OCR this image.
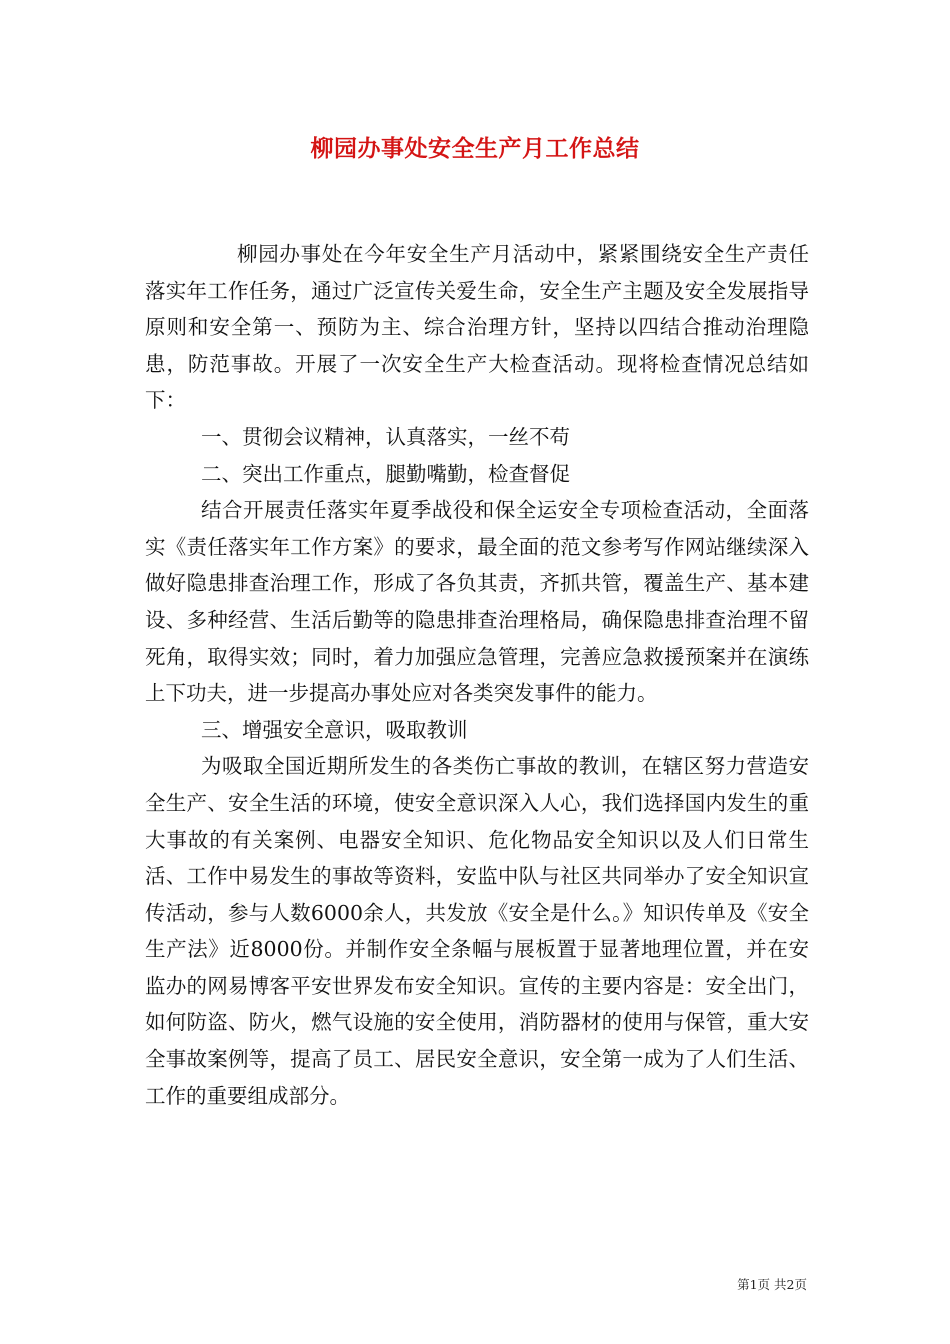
柳园办事处安全生产月工作总结

柳园办事处在今年安全生产月活动中，紧紧围绕安全生产责任落实年工作任务，通过广泛宣传关爱生命，安全生产主题及安全发展指导原则和安全第一、预防为主、综合治理方针，坚持以四结合推动治理隐患，防范事故。开展了一次安全生产大检查活动。现将检查情况总结如下：

一、贯彻会议精神，认真落实，一丝不苟

二、突出工作重点，腿勤嘴勤，检查督促

结合开展责任落实年夏季战役和保全运安全专项检查活动，全面落实《责任落实年工作方案》的要求，最全面的范文参考写作网站继续深入做好隐患排查治理工作，形成了各负其责，齐抓共管，覆盖生产、基本建设、多种经营、生活后勤等的隐患排查治理格局，确保隐患排查治理不留死角，取得实效；同时，着力加强应急管理，完善应急救援预案并在演练上下功夫，进一步提高办事处应对各类突发事件的能力。

三、增强安全意识，吸取教训

为吸取全国近期所发生的各类伤亡事故的教训，在辖区努力营造安全生产、安全生活的环境，使安全意识深入人心，我们选择国内发生的重大事故的有关案例、电器安全知识、危化物品安全知识以及人们日常生活、工作中易发生的事故等资料，安监中队与社区共同举办了安全知识宣传活动，参与人数6000余人，共发放《安全是什么。》知识传单及《安全生产法》近8000份。并制作安全条幅与展板置于显著地理位置，并在安监办的网易博客平安世界发布安全知识。宣传的主要内容是：安全出门，如何防盗、防火，燃气设施的安全使用，消防器材的使用与保管，重大安全事故案例等，提高了员工、居民安全意识，安全第一成为了人们生活、工作的重要组成部分。

第1页 共2页
